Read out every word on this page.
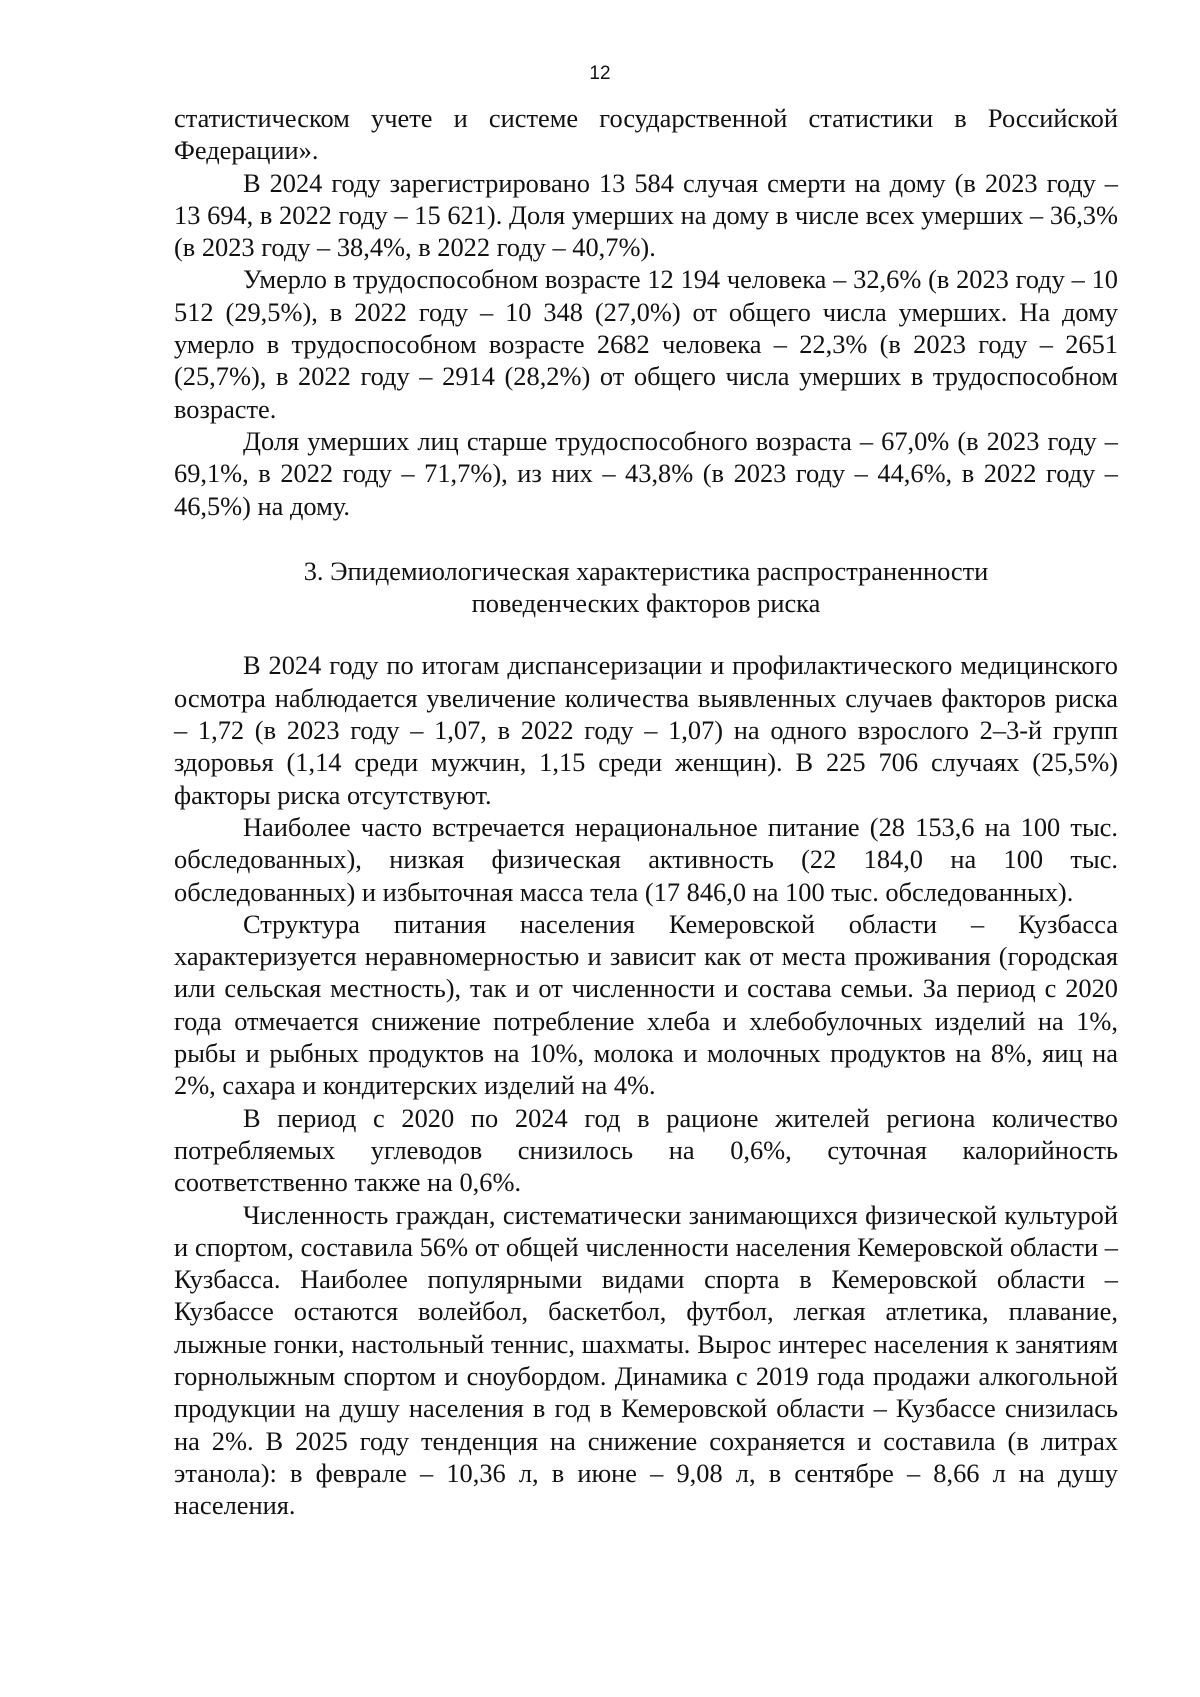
12

статистическом учете и системе государственной статистики в Российской Федерации».

В 2024 году зарегистрировано 13 584 случая смерти на дому (в 2023 году – 13 694, в 2022 году – 15 621). Доля умерших на дому в числе всех умерших – 36,3% (в 2023 году – 38,4%, в 2022 году – 40,7%).

Умерло в трудоспособном возрасте 12 194 человека – 32,6% (в 2023 году – 10 512 (29,5%), в 2022 году – 10 348 (27,0%) от общего числа умерших. На дому умерло в трудоспособном возрасте 2682 человека – 22,3% (в 2023 году – 2651 (25,7%), в 2022 году – 2914 (28,2%) от общего числа умерших в трудоспособном возрасте.

Доля умерших лиц старше трудоспособного возраста – 67,0% (в 2023 году – 69,1%, в 2022 году – 71,7%), из них – 43,8% (в 2023 году – 44,6%, в 2022 году – 46,5%) на дому.

3. Эпидемиологическая характеристика распространенности
поведенческих факторов риска

В 2024 году по итогам диспансеризации и профилактического медицинского осмотра наблюдается увеличение количества выявленных случаев факторов риска – 1,72 (в 2023 году – 1,07, в 2022 году – 1,07) на одного взрослого 2–3-й групп здоровья (1,14 среди мужчин, 1,15 среди женщин). В 225 706 случаях (25,5%) факторы риска отсутствуют.

Наиболее часто встречается нерациональное питание (28 153,6 на 100 тыс. обследованных), низкая физическая активность (22 184,0 на 100 тыс. обследованных) и избыточная масса тела (17 846,0 на 100 тыс. обследованных).

Структура питания населения Кемеровской области – Кузбасса характеризуется неравномерностью и зависит как от места проживания (городская или сельская местность), так и от численности и состава семьи. За период с 2020 года отмечается снижение потребление хлеба и хлебобулочных изделий на 1%, рыбы и рыбных продуктов на 10%, молока и молочных продуктов на 8%, яиц на 2%, сахара и кондитерских изделий на 4%.

В период с 2020 по 2024 год в рационе жителей региона количество потребляемых углеводов снизилось на 0,6%, суточная калорийность соответственно также на 0,6%.

Численность граждан, систематически занимающихся физической культурой и спортом, составила 56% от общей численности населения Кемеровской области – Кузбасса. Наиболее популярными видами спорта в Кемеровской области – Кузбассе остаются волейбол, баскетбол, футбол, легкая атлетика, плавание, лыжные гонки, настольный теннис, шахматы. Вырос интерес населения к занятиям горнолыжным спортом и сноубордом. Динамика с 2019 года продажи алкогольной продукции на душу населения в год в Кемеровской области – Кузбассе снизилась на 2%. В 2025 году тенденция на снижение сохраняется и составила (в литрах этанола): в феврале – 10,36 л, в июне – 9,08 л, в сентябре – 8,66 л на душу населения.
